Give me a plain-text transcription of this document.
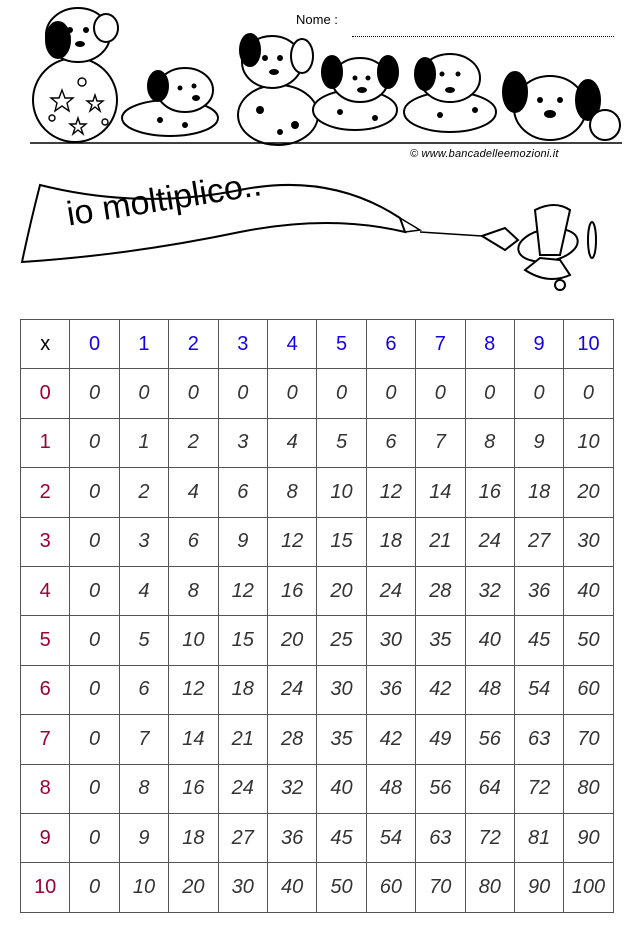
Nome :
© www.bancadelleemozioni.it
io moltiplico..
x	0	1	2	3	4	5	6	7	8	9	10
0	0	0	0	0	0	0	0	0	0	0	0
1	0	1	2	3	4	5	6	7	8	9	10
2	0	2	4	6	8	10	12	14	16	18	20
3	0	3	6	9	12	15	18	21	24	27	30
4	0	4	8	12	16	20	24	28	32	36	40
5	0	5	10	15	20	25	30	35	40	45	50
6	0	6	12	18	24	30	36	42	48	54	60
7	0	7	14	21	28	35	42	49	56	63	70
8	0	8	16	24	32	40	48	56	64	72	80
9	0	9	18	27	36	45	54	63	72	81	90
10	0	10	20	30	40	50	60	70	80	90	100
